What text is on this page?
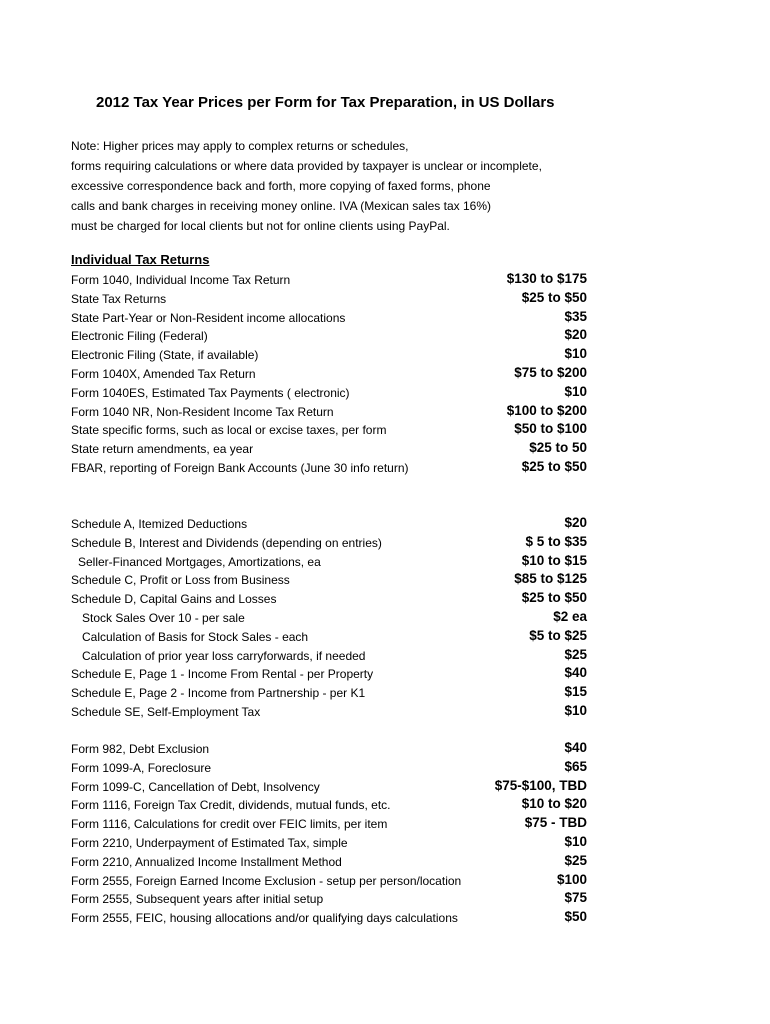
2012 Tax Year Prices per Form for Tax Preparation, in US Dollars
Note: Higher prices may apply to complex returns or schedules,
forms requiring calculations or where data provided by taxpayer is unclear or incomplete,
excessive correspondence back and forth, more copying of faxed forms, phone
calls and bank charges in receiving money online. IVA (Mexican sales tax 16%)
must be charged for local clients but not for online clients using PayPal.
Individual Tax Returns
Form 1040, Individual Income Tax Return	$130 to $175
State Tax Returns	$25 to $50
State Part-Year or Non-Resident income allocations	$35
Electronic Filing (Federal)	$20
Electronic Filing (State, if available)	$10
Form 1040X, Amended Tax Return	$75 to $200
Form 1040ES, Estimated Tax Payments ( electronic)	$10
Form 1040 NR, Non-Resident Income Tax Return	$100 to $200
State specific forms, such as local or excise taxes, per form	$50 to $100
State return amendments, ea year	$25 to 50
FBAR, reporting of Foreign Bank Accounts (June 30 info return)	$25 to $50
Schedule A, Itemized Deductions	$20
Schedule B, Interest and Dividends (depending on entries)	$ 5 to $35
Seller-Financed Mortgages, Amortizations, ea	$10 to $15
Schedule C, Profit or Loss from Business	$85 to $125
Schedule D, Capital Gains and Losses	$25 to $50
Stock Sales Over 10 - per sale	$2 ea
Calculation of Basis for Stock Sales - each	$5 to $25
Calculation of prior year loss carryforwards, if needed	$25
Schedule E, Page 1 - Income From Rental - per Property	$40
Schedule E, Page 2 - Income from Partnership - per K1	$15
Schedule SE, Self-Employment Tax	$10
Form 982, Debt Exclusion	$40
Form 1099-A, Foreclosure	$65
Form 1099-C, Cancellation of Debt, Insolvency	$75-$100, TBD
Form 1116, Foreign Tax Credit, dividends, mutual funds, etc.	$10 to $20
Form 1116, Calculations for credit over FEIC limits, per item	$75 - TBD
Form 2210, Underpayment of Estimated Tax, simple	$10
Form 2210, Annualized Income Installment Method	$25
Form 2555, Foreign Earned Income Exclusion - setup per person/location	$100
Form 2555, Subsequent years after initial setup	$75
Form 2555, FEIC, housing allocations and/or qualifying days calculations	$50
